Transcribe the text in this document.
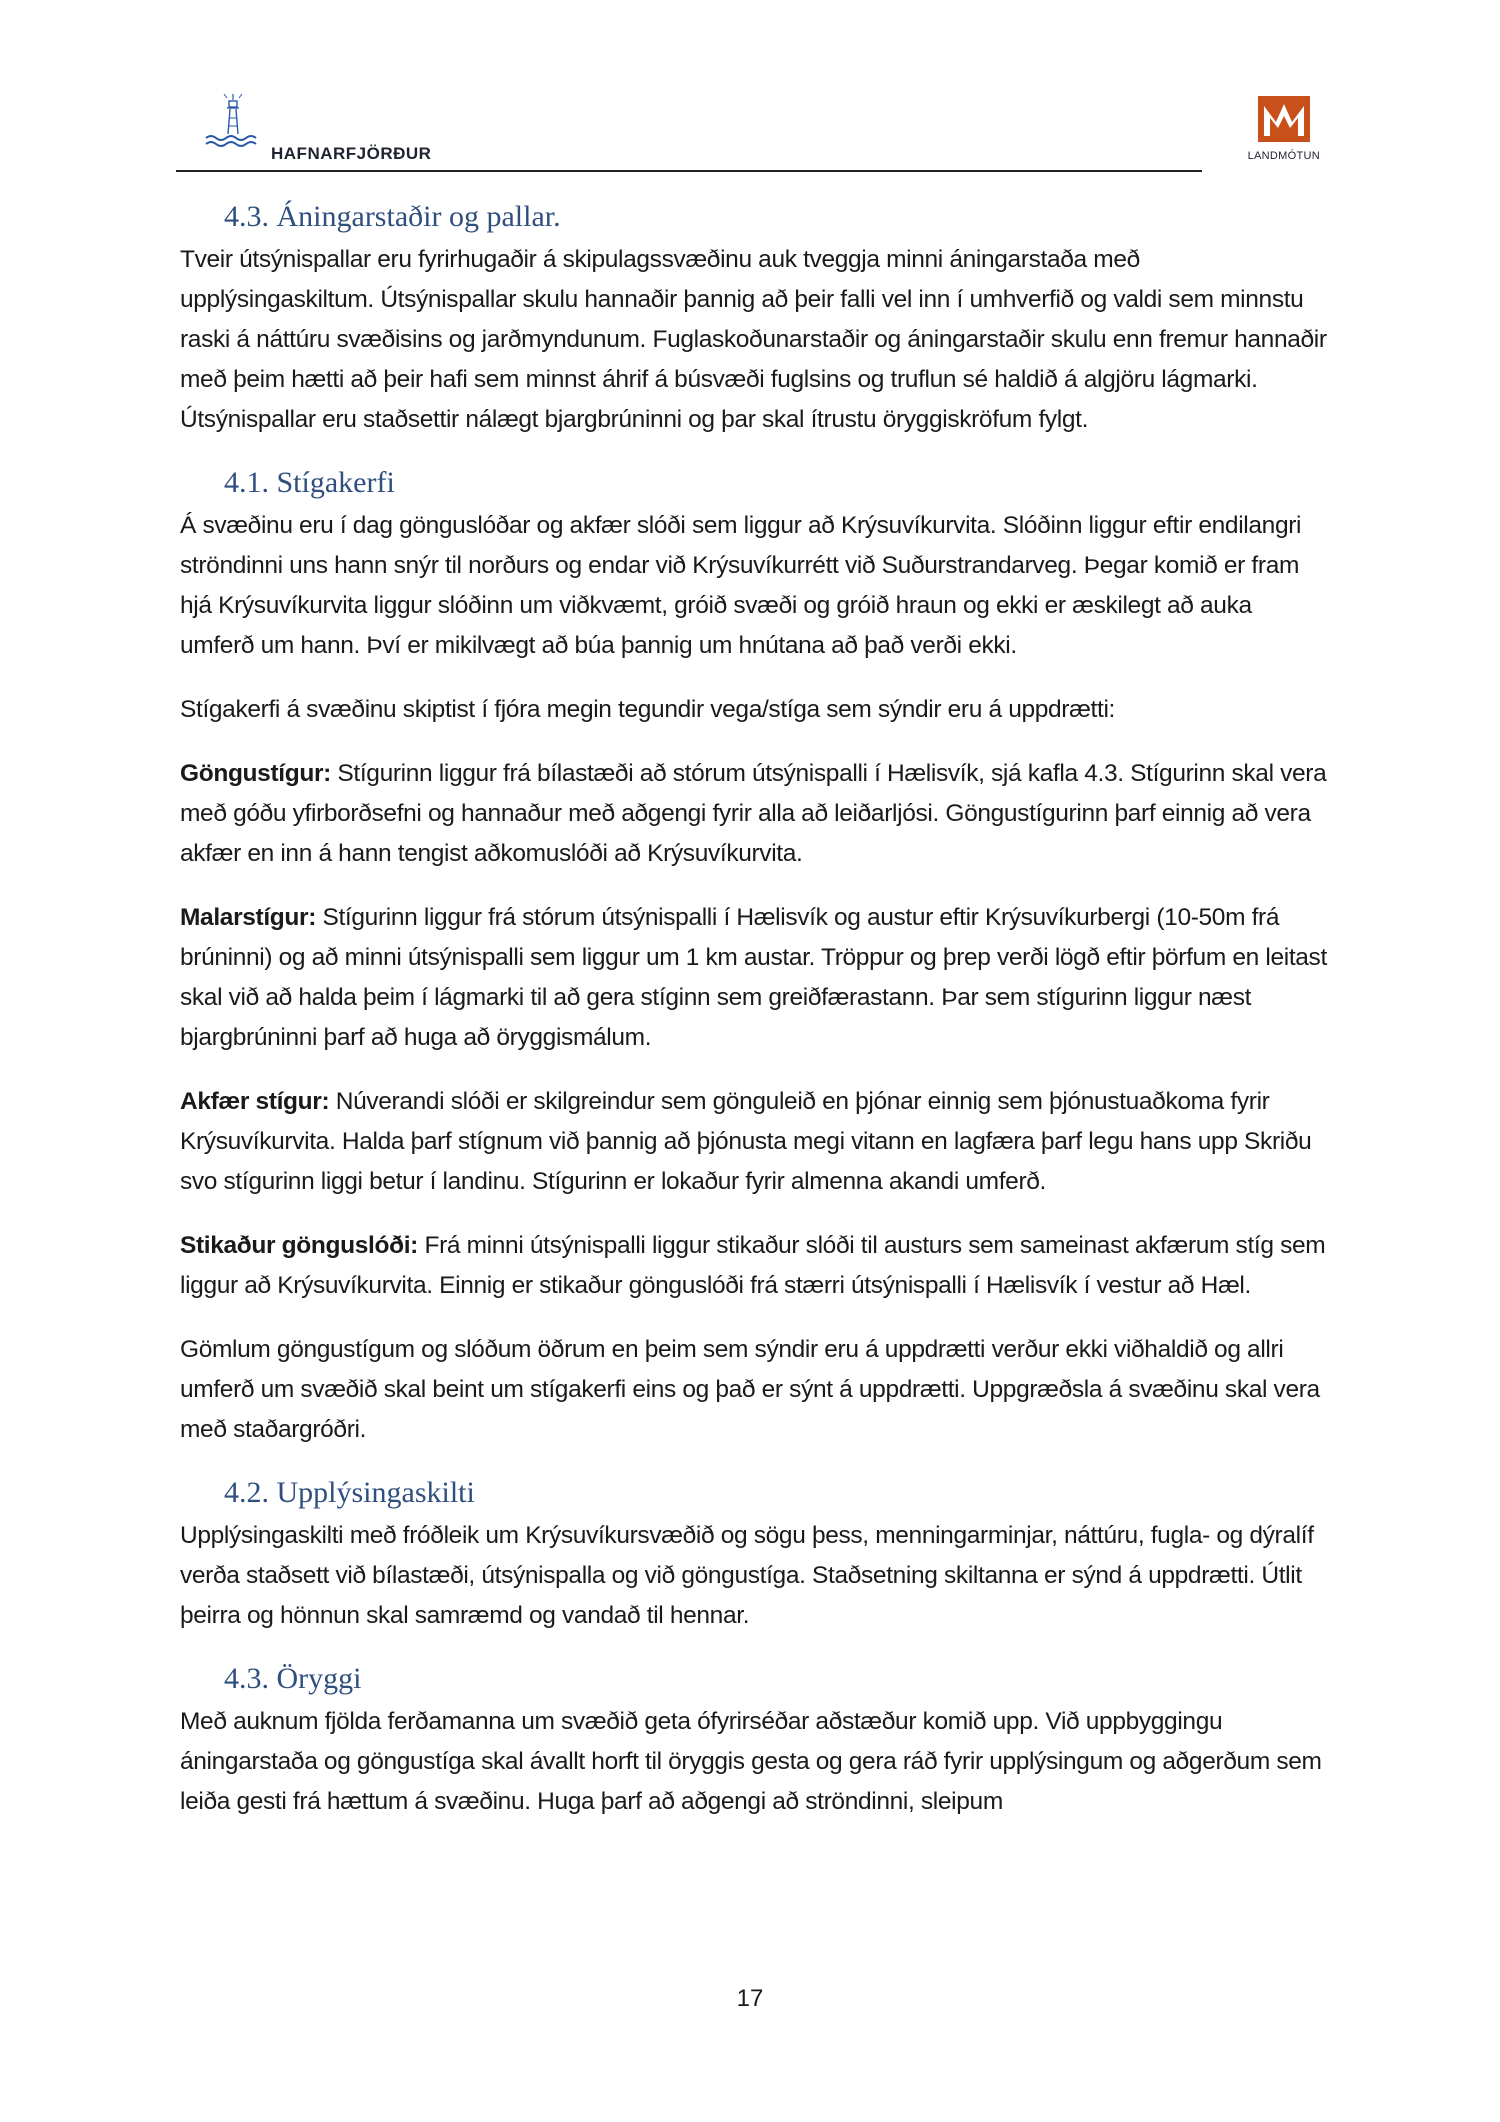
HAFNARFJÖRÐUR	LANDMÓTUN
4.3. Áningarstaðir og pallar.

Tveir útsýnispallar eru fyrirhugaðir á skipulagssvæðinu auk tveggja minni áningarstaða með upplýsingaskiltum. Útsýnispallar skulu hannaðir þannig að þeir falli vel inn í umhverfið og valdi sem minnstu raski á náttúru svæðisins og jarðmyndunum. Fuglaskoðunarstaðir og áningarstaðir skulu enn fremur hannaðir með þeim hætti að þeir hafi sem minnst áhrif á búsvæði fuglsins og truflun sé haldið á algjöru lágmarki. Útsýnispallar eru staðsettir nálægt bjargbrúninni og þar skal ítrustu öryggiskröfum fylgt.

4.1. Stígakerfi

Á svæðinu eru í dag gönguslóðar og akfær slóði sem liggur að Krýsuvíkurvita. Slóðinn liggur eftir endilangri ströndinni uns hann snýr til norðurs og endar við Krýsuvíkurrétt við Suðurstrandarveg. Þegar komið er fram hjá Krýsuvíkurvita liggur slóðinn um viðkvæmt, gróið svæði og gróið hraun og ekki er æskilegt að auka umferð um hann. Því er mikilvægt að búa þannig um hnútana að það verði ekki.

Stígakerfi á svæðinu skiptist í fjóra megin tegundir vega/stíga sem sýndir eru á uppdrætti:

Göngustígur: Stígurinn liggur frá bílastæði að stórum útsýnispalli í Hælisvík, sjá kafla 4.3. Stígurinn skal vera með góðu yfirborðsefni og hannaður með aðgengi fyrir alla að leiðarljósi. Göngustígurinn þarf einnig að vera akfær en inn á hann tengist aðkomuslóði að Krýsuvíkurvita.

Malarstígur: Stígurinn liggur frá stórum útsýnispalli í Hælisvík og austur eftir Krýsuvíkurbergi (10-50m frá brúninni) og að minni útsýnispalli sem liggur um 1 km austar. Tröppur og þrep verði lögð eftir þörfum en leitast skal við að halda þeim í lágmarki til að gera stíginn sem greiðfærastann. Þar sem stígurinn liggur næst bjargbrúninni þarf að huga að öryggismálum.

Akfær stígur: Núverandi slóði er skilgreindur sem gönguleið en þjónar einnig sem þjónustuaðkoma fyrir Krýsuvíkurvita. Halda þarf stígnum við þannig að þjónusta megi vitann en lagfæra þarf legu hans upp Skriðu svo stígurinn liggi betur í landinu. Stígurinn er lokaður fyrir almenna akandi umferð.

Stikaður gönguslóði: Frá minni útsýnispalli liggur stikaður slóði til austurs sem sameinast akfærum stíg sem liggur að Krýsuvíkurvita. Einnig er stikaður gönguslóði frá stærri útsýnispalli í Hælisvík í vestur að Hæl.

Gömlum göngustígum og slóðum öðrum en þeim sem sýndir eru á uppdrætti verður ekki viðhaldið og allri umferð um svæðið skal beint um stígakerfi eins og það er sýnt á uppdrætti. Uppgræðsla á svæðinu skal vera með staðargróðri.

4.2. Upplýsingaskilti

Upplýsingaskilti með fróðleik um Krýsuvíkursvæðið og sögu þess, menningarminjar, náttúru, fugla- og dýralíf verða staðsett við bílastæði, útsýnispalla og við göngustíga. Staðsetning skiltanna er sýnd á uppdrætti. Útlit þeirra og hönnun skal samræmd og vandað til hennar.

4.3. Öryggi

Með auknum fjölda ferðamanna um svæðið geta ófyrirséðar aðstæður komið upp. Við uppbyggingu áningarstaða og göngustíga skal ávallt horft til öryggis gesta og gera ráð fyrir upplýsingum og aðgerðum sem leiða gesti frá hættum á svæðinu. Huga þarf að aðgengi að ströndinni, sleipum

17
